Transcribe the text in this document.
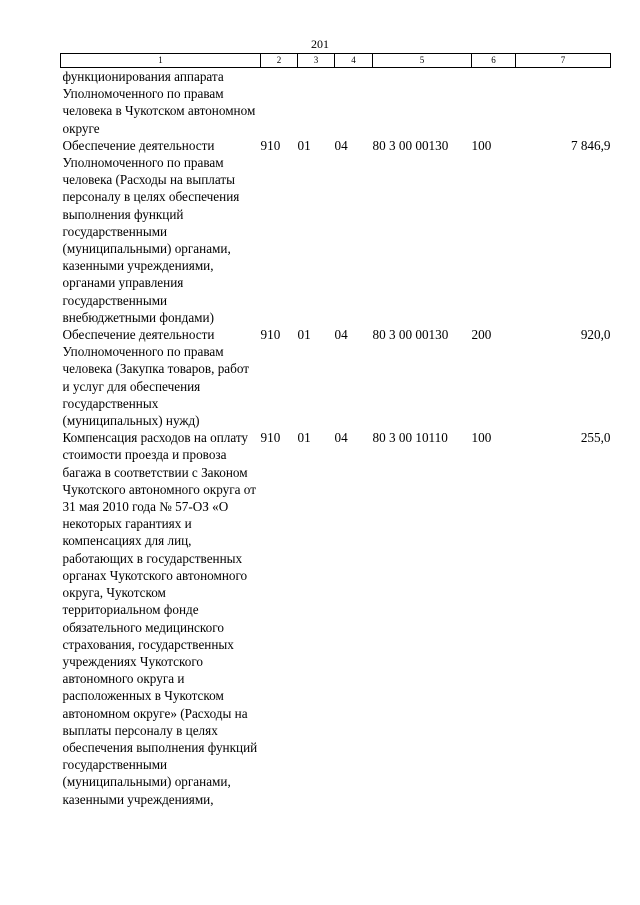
201
1	2	3	4	5	6	7
функционирования аппарата Уполномоченного по правам человека в Чукотском автономном округе						
Обеспечение деятельности Уполномоченного по правам человека (Расходы на выплаты персоналу в целях обеспечения выполнения функций государственными (муниципальными) органами, казенными учреждениями, органами управления государственными внебюджетными фондами)	910	01	04	80 3 00 00130	100	7 846,9
Обеспечение деятельности Уполномоченного по правам человека (Закупка товаров, работ и услуг для обеспечения государственных (муниципальных) нужд)	910	01	04	80 3 00 00130	200	920,0
Компенсация расходов на оплату стоимости проезда и провоза багажа в соответствии с Законом Чукотского автономного округа от 31 мая 2010 года № 57-ОЗ «О некоторых гарантиях и компенсациях для лиц, работающих в государственных органах Чукотского автономного округа, Чукотском территориальном фонде обязательного медицинского страхования, государственных учреждениях Чукотского автономного округа и расположенных в Чукотском автономном округе» (Расходы на выплаты персоналу в целях обеспечения выполнения функций государственными (муниципальными) органами, казенными учреждениями,	910	01	04	80 3 00 10110	100	255,0
